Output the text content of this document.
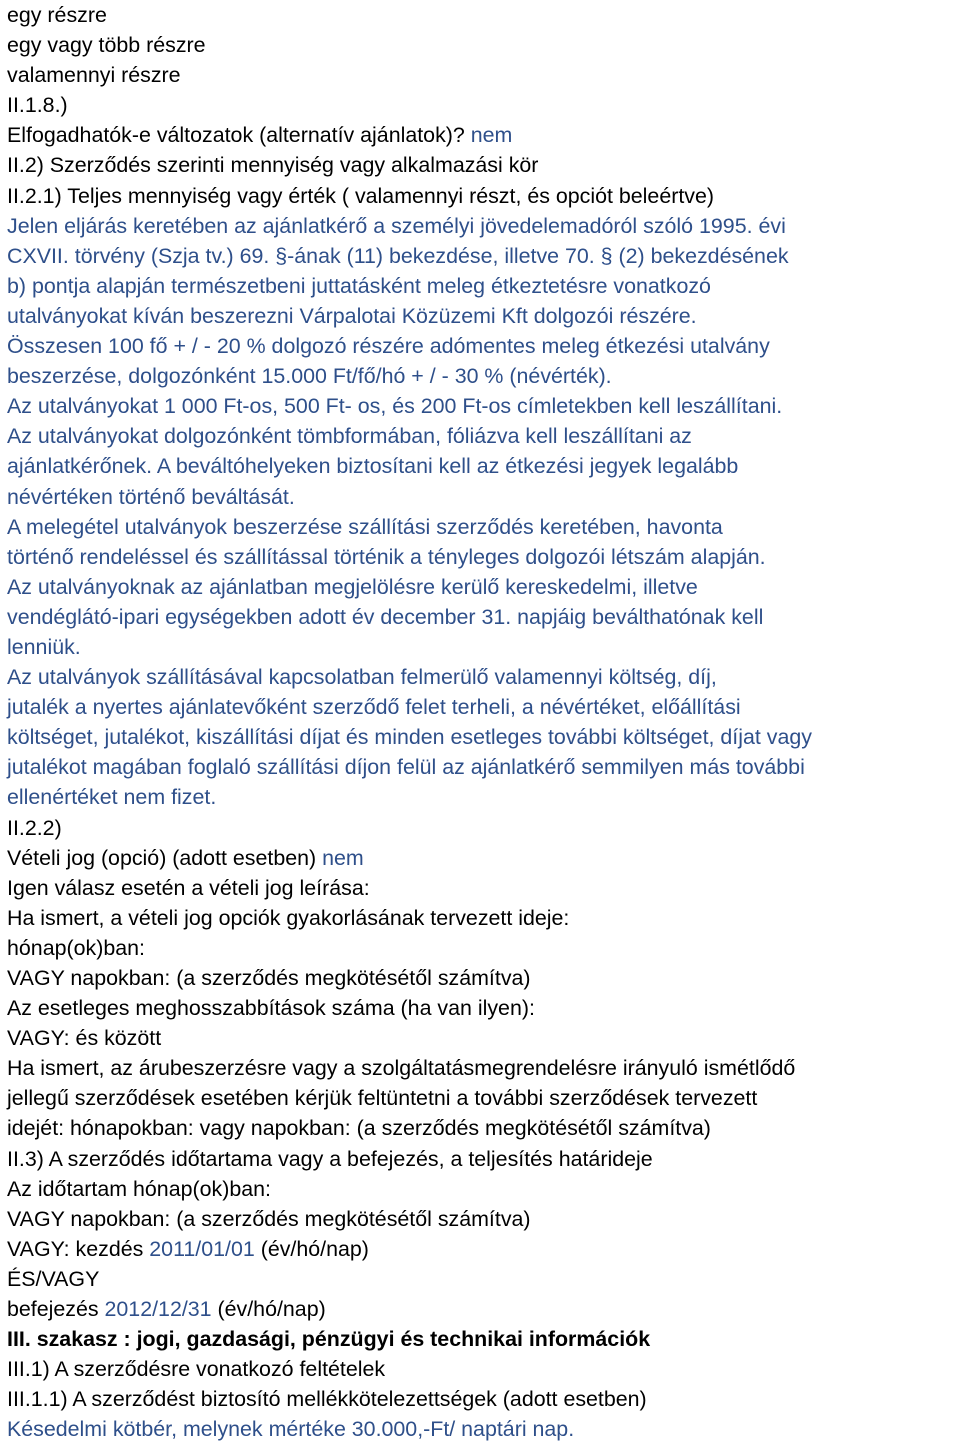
egy részre
egy vagy több részre
valamennyi részre
II.1.8.)
Elfogadhatók-e változatok (alternatív ajánlatok)? nem
II.2) Szerződés szerinti mennyiség vagy alkalmazási kör
II.2.1) Teljes mennyiség vagy érték ( valamennyi részt, és opciót beleértve)
Jelen eljárás keretében az ajánlatkérő a személyi jövedelemadóról szóló 1995. évi
CXVII. törvény (Szja tv.) 69. §-ának (11) bekezdése, illetve 70. § (2) bekezdésének
b) pontja alapján természetbeni juttatásként meleg étkeztetésre vonatkozó
utalványokat kíván beszerezni Várpalotai Közüzemi Kft dolgozói részére.
Összesen 100 fő + / - 20 % dolgozó részére adómentes meleg étkezési utalvány
beszerzése, dolgozónként 15.000 Ft/fő/hó + / - 30 % (névérték).
Az utalványokat 1 000 Ft-os, 500 Ft- os, és 200 Ft-os címletekben kell leszállítani.
Az utalványokat dolgozónként tömbformában, fóliázva kell leszállítani az
ajánlatkérőnek. A beváltóhelyeken biztosítani kell az étkezési jegyek legalább
névértéken történő beváltását.
A melegétel utalványok beszerzése szállítási szerződés keretében, havonta
történő rendeléssel és szállítással történik a tényleges dolgozói létszám alapján.
Az utalványoknak az ajánlatban megjelölésre kerülő kereskedelmi, illetve
vendéglátó-ipari egységekben adott év december 31. napjáig beválthatónak kell
lenniük.
Az utalványok szállításával kapcsolatban felmerülő valamennyi költség, díj,
jutalék a nyertes ajánlatevőként szerződő felet terheli, a névértéket, előállítási
költséget, jutalékot, kiszállítási díjat és minden esetleges további költséget, díjat vagy
jutalékot magában foglaló szállítási díjon felül az ajánlatkérő semmilyen más további
ellenértéket nem fizet.
II.2.2)
Vételi jog (opció) (adott esetben) nem
Igen válasz esetén a vételi jog leírása:
Ha ismert, a vételi jog opciók gyakorlásának tervezett ideje:
hónap(ok)ban:
VAGY napokban: (a szerződés megkötésétől számítva)
Az esetleges meghosszabbítások száma (ha van ilyen):
VAGY: és között
Ha ismert, az árubeszerzésre vagy a szolgáltatásmegrendelésre irányuló ismétlődő
jellegű szerződések esetében kérjük feltüntetni a további szerződések tervezett
idejét: hónapokban: vagy napokban: (a szerződés megkötésétől számítva)
II.3) A szerződés időtartama vagy a befejezés, a teljesítés határideje
Az időtartam hónap(ok)ban:
VAGY napokban: (a szerződés megkötésétől számítva)
VAGY: kezdés 2011/01/01 (év/hó/nap)
ÉS/VAGY
befejezés 2012/12/31 (év/hó/nap)
III. szakasz : jogi, gazdasági, pénzügyi és technikai információk
III.1) A szerződésre vonatkozó feltételek
III.1.1) A szerződést biztosító mellékkötelezettségek (adott esetben)
Késedelmi kötbér, melynek mértéke 30.000,-Ft/ naptári nap.
